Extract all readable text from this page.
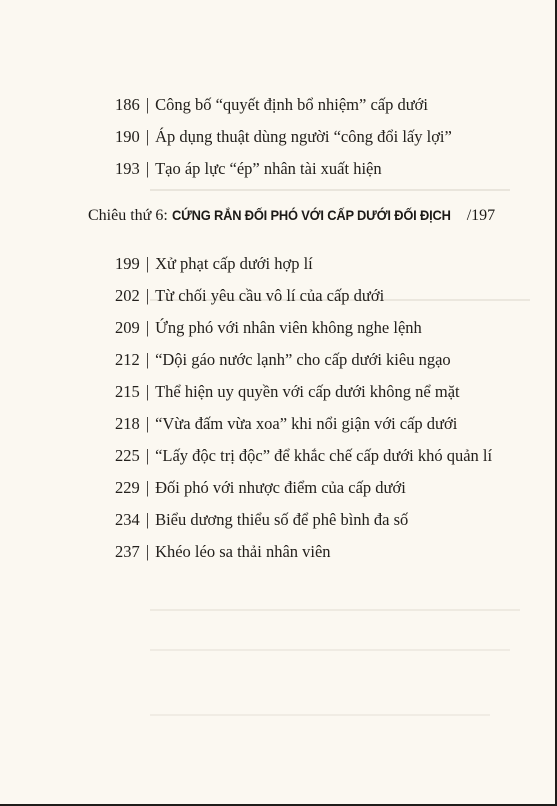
186 | Công bố “quyết định bổ nhiệm” cấp dưới
190 | Áp dụng thuật dùng người “công đổi lấy lợi”
193 | Tạo áp lực “ép” nhân tài xuất hiện
Chiêu thứ 6: CỨNG RẮN ĐỐI PHÓ VỚI CẤP DƯỚI ĐỐI ĐỊCH /197
199 | Xử phạt cấp dưới hợp lí
202 | Từ chối yêu cầu vô lí của cấp dưới
209 | Ứng phó với nhân viên không nghe lệnh
212 | “Dội gáo nước lạnh” cho cấp dưới kiêu ngạo
215 | Thể hiện uy quyền với cấp dưới không nể mặt
218 | “Vừa đấm vừa xoa” khi nổi giận với cấp dưới
225 | “Lấy độc trị độc” để khắc chế cấp dưới khó quản lí
229 | Đối phó với nhược điểm của cấp dưới
234 | Biểu dương thiểu số để phê bình đa số
237 | Khéo léo sa thải nhân viên
